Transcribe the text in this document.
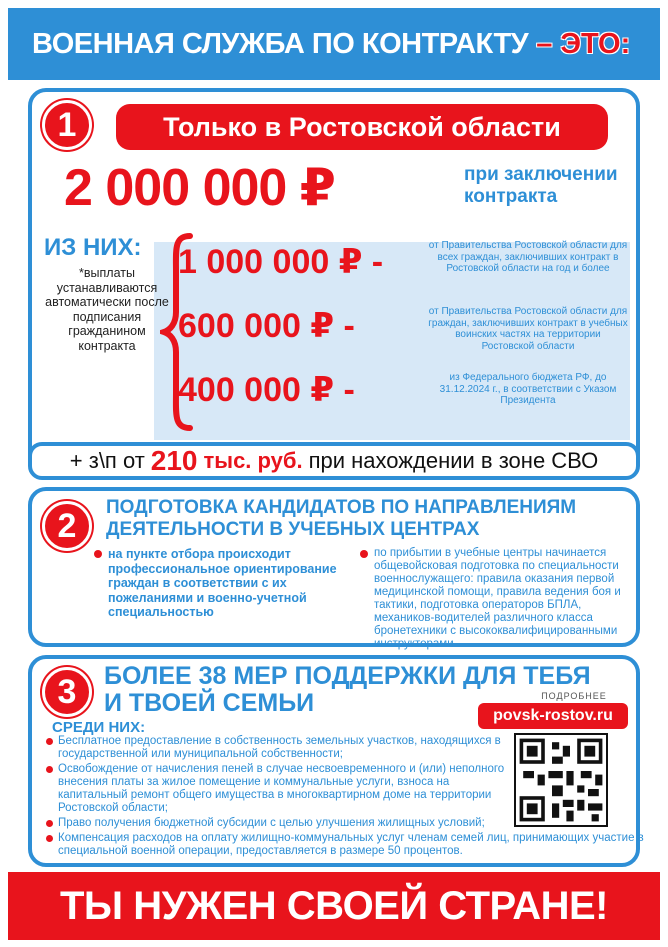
ВОЕННАЯ СЛУЖБА ПО КОНТРАКТУ – ЭТО:
1	Только в Ростовской области
2 000 000 ₽	при заключении контракта
ИЗ НИХ:
*выплаты устанавливаются автоматически после подписания гражданином контракта
1 000 000 ₽ -	от Правительства Ростовской области для всех граждан, заключивших контракт в Ростовской области на год и более
600 000 ₽ -	от Правительства Ростовской области для граждан, заключивших контракт в учебных воинских частях на территории Ростовской области
400 000 ₽ -	из Федерального бюджета РФ, до 31.12.2024 г., в соответствии с Указом Президента
+ з\п от 210 тыс. руб. при нахождении в зоне СВО
2	ПОДГОТОВКА КАНДИДАТОВ ПО НАПРАВЛЕНИЯМ ДЕЯТЕЛЬНОСТИ В УЧЕБНЫХ ЦЕНТРАХ
на пункте отбора происходит профессиональное ориентирование граждан в соответствии с их пожеланиями и военно-учетной специальностью
по прибытии в учебные центры начинается общевойсковая подготовка по специальности военнослужащего: правила оказания первой медицинской помощи, правила ведения боя и тактики, подготовка операторов БПЛА, механиков-водителей различного класса бронетехники с высококвалифицированными инструкторами
3	БОЛЕЕ 38 МЕР ПОДДЕРЖКИ ДЛЯ ТЕБЯ
И ТВОЕЙ СЕМЬИ
СРЕДИ НИХ:
Бесплатное предоставление в собственность земельных участков, находящихся в государственной или муниципальной собственности;
Освобождение от начисления пеней в случае несвоевременного и (или) неполного внесения платы за жилое помещение и коммунальные услуги, взноса на капитальный ремонт общего имущества в многоквартирном доме на территории Ростовской области;
Право получения бюджетной субсидии с целью улучшения жилищных условий;
Компенсация расходов на оплату жилищно-коммунальных услуг членам семей лиц, принимающих участие в специальной военной операции, предоставляется в размере 50 процентов.
ПОДРОБНЕЕ
povsk-rostov.ru
ТЫ НУЖЕН СВОЕЙ СТРАНЕ!
